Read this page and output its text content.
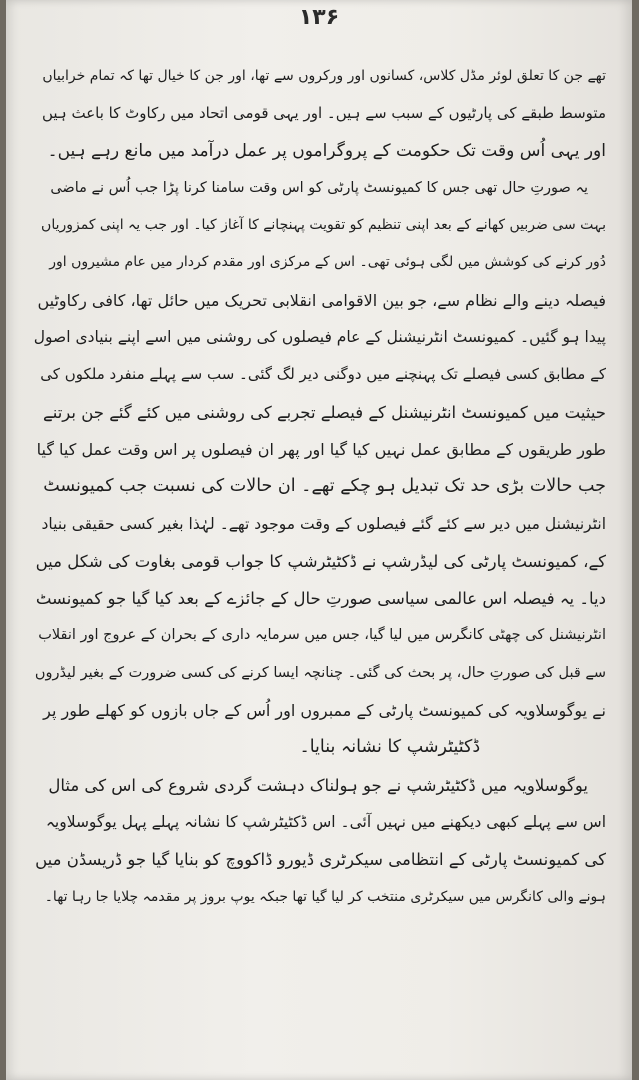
۱۳۶
تھے جن کا تعلق لوئر مڈل کلاس، کسانوں اور ورکروں سے تھا، اور جن کا خیال تھا کہ تمام خرابیاں
متوسط طبقے کی پارٹیوں کے سبب سے ہیں۔ اور یہی قومی اتحاد میں رکاوٹ کا باعث ہیں
اور یہی اُس وقت تک حکومت کے پروگراموں پر عمل درآمد میں مانع رہے ہیں۔
یہ صورتِ حال تھی جس کا کمیونسٹ پارٹی کو اس وقت سامنا کرنا پڑا جب اُس نے ماضی
بہت سی ضربیں کھانے کے بعد اپنی تنظیم کو تقویت پہنچانے کا آغاز کیا۔ اور جب یہ اپنی کمزوریاں
دُور کرنے کی کوشش میں لگی ہوئی تھی۔ اس کے مرکزی اور مقدم کردار میں عام مشیروں اور
فیصلہ دینے والے نظام سے، جو بین الاقوامی انقلابی تحریک میں حائل تھا، کافی رکاوٹیں
پیدا ہو گئیں۔ کمیونسٹ انٹرنیشنل کے عام فیصلوں کی روشنی میں اسے اپنے بنیادی اصول
کے مطابق کسی فیصلے تک پہنچنے میں دوگنی دیر لگ گئی۔ سب سے پہلے منفرد ملکوں کی
حیثیت میں کمیونسٹ انٹرنیشنل کے فیصلے تجربے کی روشنی میں کئے گئے جن برتنے
طور طریقوں کے مطابق عمل نہیں کیا گیا اور پھر ان فیصلوں پر اس وقت عمل کیا گیا
جب حالات بڑی حد تک تبدیل ہو چکے تھے۔ ان حالات کی نسبت جب کمیونسٹ
انٹرنیشنل میں دیر سے کئے گئے فیصلوں کے وقت موجود تھے۔ لہٰذا بغیر کسی حقیقی بنیاد
کے، کمیونسٹ پارٹی کی لیڈرشپ نے ڈکٹیٹرشپ کا جواب قومی بغاوت کی شکل میں
دیا۔ یہ فیصلہ اس عالمی سیاسی صورتِ حال کے جائزے کے بعد کیا گیا جو کمیونسٹ
انٹرنیشنل کی چھٹی کانگرس میں لیا گیا، جس میں سرمایہ داری کے بحران کے عروج اور انقلاب
سے قبل کی صورتِ حال، پر بحث کی گئی۔ چنانچہ ایسا کرنے کی کسی ضرورت کے بغیر لیڈروں
نے یوگوسلاویہ کی کمیونسٹ پارٹی کے ممبروں اور اُس کے جاں بازوں کو کھلے طور پر
ڈکٹیٹرشپ کا نشانہ بنایا۔
یوگوسلاویہ میں ڈکٹیٹرشپ نے جو ہولناک دہشت گردی شروع کی اس کی مثال
اس سے پہلے کبھی دیکھنے میں نہیں آئی۔ اس ڈکٹیٹرشپ کا نشانہ پہلے پہل یوگوسلاویہ
کی کمیونسٹ پارٹی کے انتظامی سیکرٹری ڈیورو ڈاکووچ کو بنایا گیا جو ڈریسڈن میں
ہونے والی کانگرس میں سیکرٹری منتخب کر لیا گیا تھا جبکہ یوپ بروز پر مقدمہ چلایا جا رہا تھا۔
